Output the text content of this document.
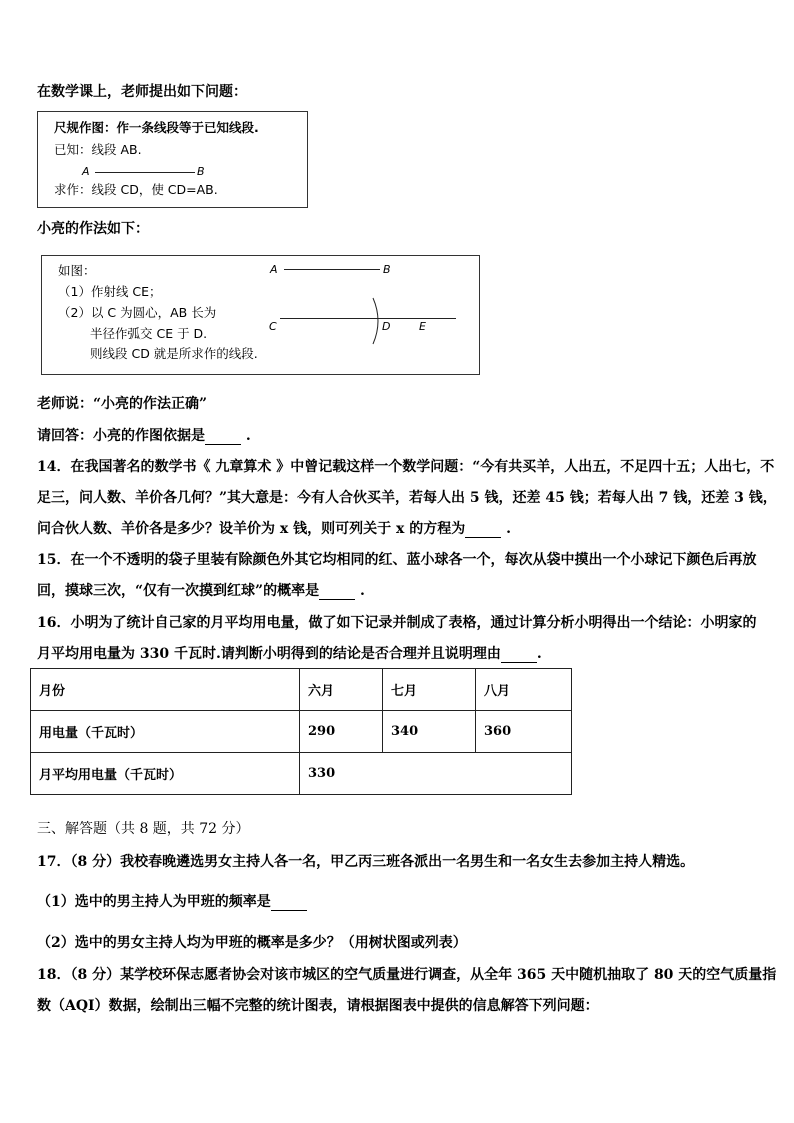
在数学课上，老师提出如下问题：
尺规作图：作一条线段等于已知线段.
已知：线段 AB.
A	B
求作：线段 CD，使 CD=AB.
小亮的作法如下：
如图：
（1）作射线 CE；
（2）以 C 为圆心，AB 长为
半径作弧交 CE 于 D.
则线段 CD 就是所求作的线段.
A	B
C	D	E
老师说：“小亮的作法正确”
请回答：小亮的作图依据是	.
14．在我国著名的数学书《 九章算术 》中曾记载这样一个数学问题：“今有共买羊，人出五，不足四十五；人出七，不
足三，问人数、羊价各几何？”其大意是：今有人合伙买羊，若每人出 5 钱，还差 45 钱；若每人出 7 钱，还差 3 钱，
问合伙人数、羊价各是多少？设羊价为 x 钱，则可列关于 x 的方程为	.
15．在一个不透明的袋子里装有除颜色外其它均相同的红、蓝小球各一个，每次从袋中摸出一个小球记下颜色后再放
回，摸球三次，“仅有一次摸到红球”的概率是	.
16．小明为了统计自己家的月平均用电量，做了如下记录并制成了表格，通过计算分析小明得出一个结论：小明家的
月平均用电量为 330 千瓦时.请判断小明得到的结论是否合理并且说明理由	.
月份	六月	七月	八月
用电量（千瓦时）	290	340	360
月平均用电量（千瓦时）	330		
三、解答题（共 8 题，共 72 分）
17．（8 分）我校春晚遴选男女主持人各一名，甲乙丙三班各派出一名男生和一名女生去参加主持人精选。
（1）选中的男主持人为甲班的频率是
（2）选中的男女主持人均为甲班的概率是多少？（用树状图或列表）
18．（8 分）某学校环保志愿者协会对该市城区的空气质量进行调查，从全年 365 天中随机抽取了 80 天的空气质量指
数（AQI）数据，绘制出三幅不完整的统计图表，请根据图表中提供的信息解答下列问题：
